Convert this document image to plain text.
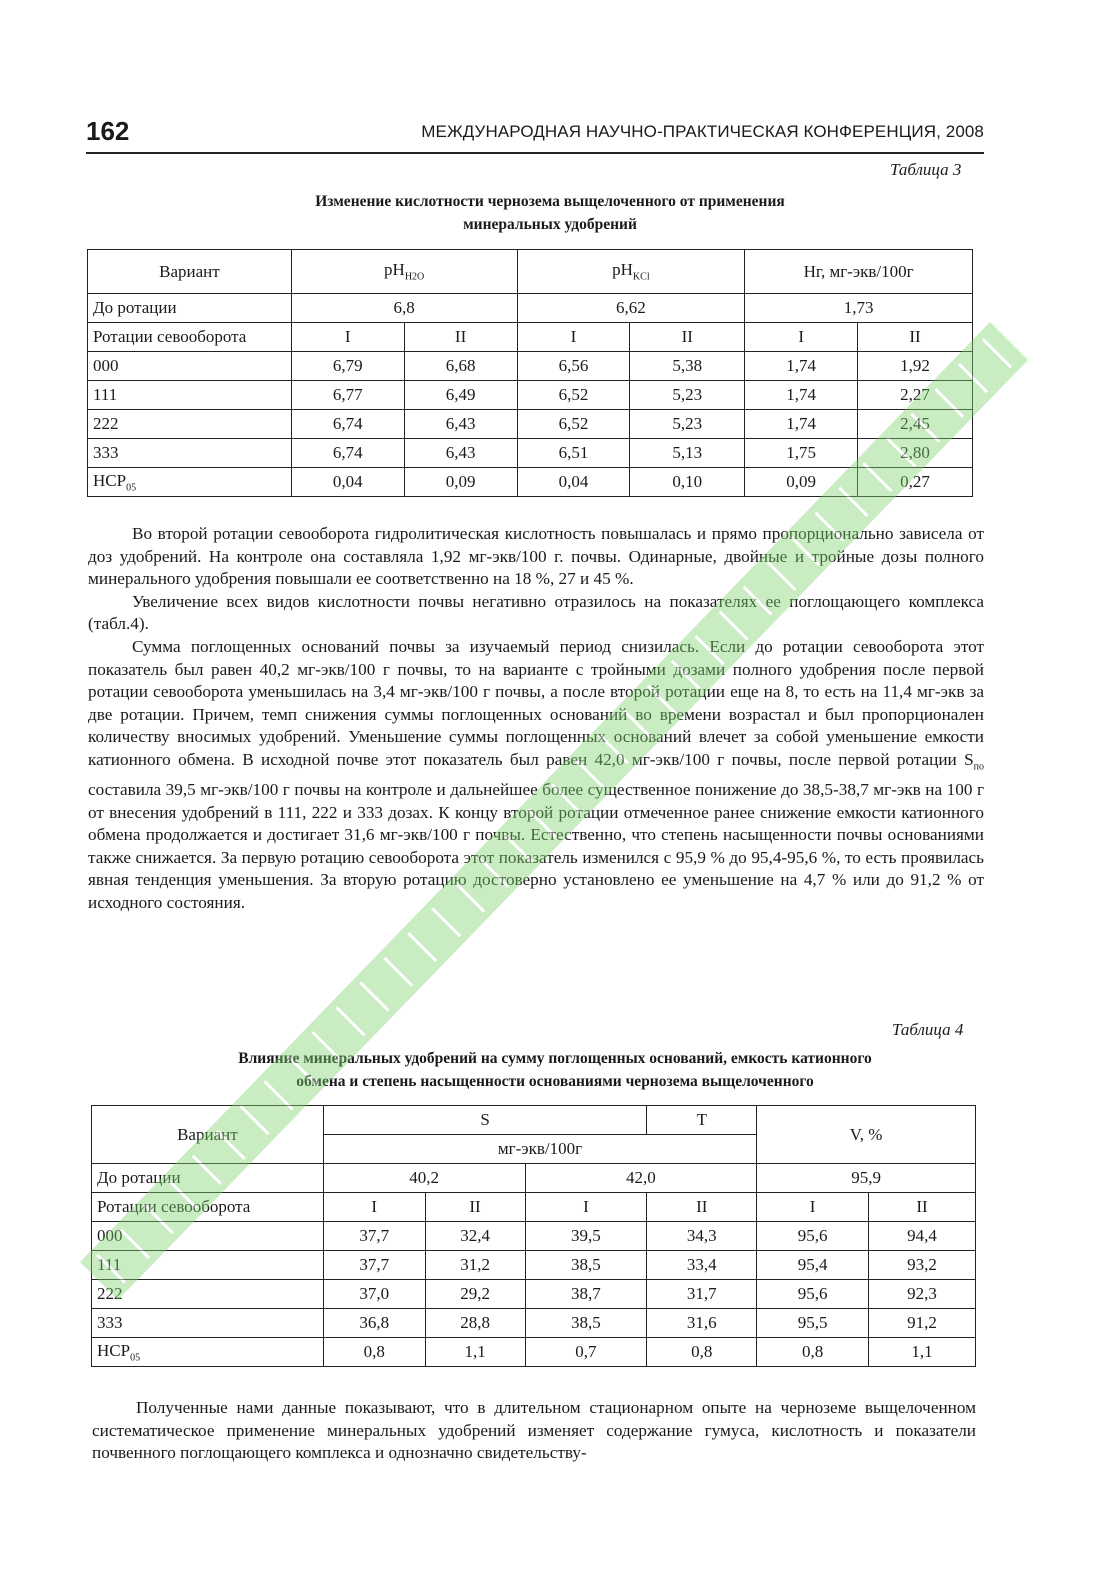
162	МЕЖДУНАРОДНАЯ НАУЧНО-ПРАКТИЧЕСКАЯ КОНФЕРЕНЦИЯ, 2008
Таблица 3
Изменение кислотности чернозема выщелоченного от применения
минеральных удобрений
Вариант	$pH_{H2O}$		$pH_{KCl}$		Нг, мг-экв/100г	
До ротации	6,8		6,62		1,73	
Ротации севооборота	I	II	I	II	I	II
000	6,79	6,68	6,56	5,38	1,74	1,92
111	6,77	6,49	6,52	5,23	1,74	2,27
222	6,74	6,43	6,52	5,23	1,74	2,45
333	6,74	6,43	6,51	5,13	1,75	2,80
$НСР_{05}$	0,04	0,09	0,04	0,10	0,09	0,27

Во второй ротации севооборота гидролитическая кислотность повышалась и прямо пропорционально зависела от доз удобрений. На контроле она составляла 1,92 мг-экв/100 г. почвы. Одинарные, двойные и тройные дозы полного минерального удобрения повышали ее соответственно на 18 %, 27 и 45 %.

Увеличение всех видов кислотности почвы негативно отразилось на показателях ее поглощающего комплекса (табл.4).

Сумма поглощенных оснований почвы за изучаемый период снизилась. Если до ротации севооборота этот показатель был равен 40,2 мг-экв/100 г почвы, то на варианте с тройными дозами полного удобрения после первой ротации севооборота уменьшилась на 3,4 мг-экв/100 г почвы, а после второй ротации еще на 8, то есть на 11,4 мг-экв за две ротации. Причем, темп снижения суммы поглощенных оснований во времени возрастал и был пропорционален количеству вносимых удобрений. Уменьшение суммы поглощенных оснований влечет за собой уменьшение емкости катионного обмена. В исходной почве этот показатель был равен 42,0 мг-экв/100 г почвы, после первой ротации $S_{по}$ составила 39,5 мг-экв/100 г почвы на контроле и дальнейшее более существенное понижение до 38,5-38,7 мг-экв на 100 г от внесения удобрений в 111, 222 и 333 дозах. К концу второй ротации отмеченное ранее снижение емкости катионного обмена продолжается и достигает 31,6 мг-экв/100 г почвы. Естественно, что степень насыщенности почвы основаниями также снижается. За первую ротацию севооборота этот показатель изменился с 95,9 % до 95,4-95,6 %, то есть проявилась явная тенденция уменьшения. За вторую ротацию достоверно установлено ее уменьшение на 4,7 % или до 91,2 % от исходного состояния.

Таблица 4
Влияние минеральных удобрений на сумму поглощенных оснований, емкость катионного
обмена и степень насыщенности основаниями чернозема выщелоченного
Вариант	S			T	V, %	
	мг-экв/100г					
До ротации	40,2		42,0		95,9	
Ротации севооборота	I	II	I	II	I	II
000	37,7	32,4	39,5	34,3	95,6	94,4
111	37,7	31,2	38,5	33,4	95,4	93,2
222	37,0	29,2	38,7	31,7	95,6	92,3
333	36,8	28,8	38,5	31,6	95,5	91,2
$НСР_{05}$	0,8	1,1	0,7	0,8	0,8	1,1

Полученные нами данные показывают, что в длительном стационарном опыте на черноземе выщелоченном систематическое применение минеральных удобрений изменяет содержание гумуса, кислотность и показатели почвенного поглощающего комплекса и однозначно свидетельству-
